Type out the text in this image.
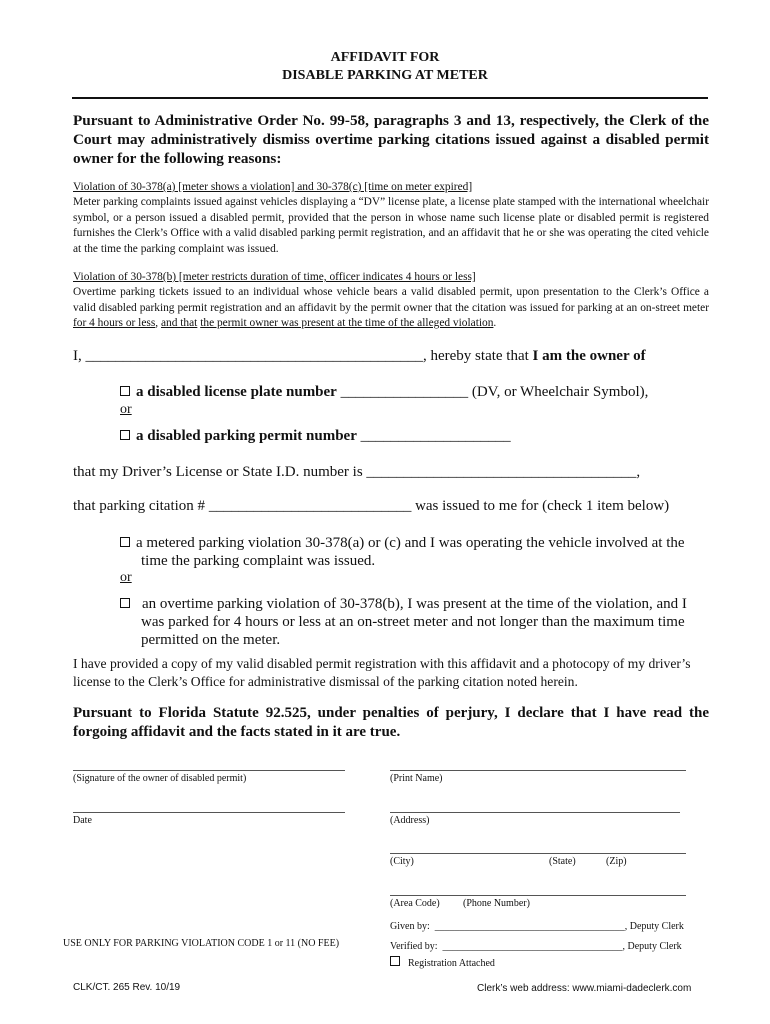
AFFIDAVIT FOR
DISABLE PARKING AT METER
Pursuant to Administrative Order No. 99-58, paragraphs 3 and 13, respectively, the Clerk of the Court may administratively dismiss overtime parking citations issued against a disabled permit owner for the following reasons:
Violation of 30-378(a) [meter shows a violation] and 30-378(c) [time on meter expired]
Meter parking complaints issued against vehicles displaying a “DV” license plate, a license plate stamped with the international wheelchair symbol, or a person issued a disabled permit, provided that the person in whose name such license plate or disabled permit is registered furnishes the Clerk’s Office with a valid disabled parking permit registration, and an affidavit that he or she was operating the cited vehicle at the time the parking complaint was issued.
Violation of 30-378(b) [meter restricts duration of time, officer indicates 4 hours or less]
Overtime parking tickets issued to an individual whose vehicle bears a valid disabled permit, upon presentation to the Clerk’s Office a valid disabled parking permit registration and an affidavit by the permit owner that the citation was issued for parking at an on-street meter for 4 hours or less, and that the permit owner was present at the time of the alleged violation.
I, _____________________________________________, hereby state that I am the owner of
a disabled license plate number _________________ (DV, or Wheelchair Symbol),
or
a disabled parking permit number ____________________
that my Driver’s License or State I.D. number is ____________________________________,
that parking citation # ___________________________ was issued to me for (check 1 item below)
a metered parking violation 30-378(a) or (c) and I was operating the vehicle involved at the
time the parking complaint was issued.
or
an overtime parking violation of 30-378(b), I was present at the time of the violation, and I
was parked for 4 hours or less at an on-street meter and not longer than the maximum time
permitted on the meter.
I have provided a copy of my valid disabled permit registration with this affidavit and a photocopy of my driver’s license to the Clerk’s Office for administrative dismissal of the parking citation noted herein.
Pursuant to Florida Statute 92.525, under penalties of perjury, I declare that I have read the forgoing affidavit and the facts stated in it are true.
(Signature of the owner of disabled permit)
Date
(Print Name)
(Address)
(City)	(State)	(Zip)
(Area Code) (Phone Number)
Given by: ______________________________________, Deputy Clerk
Verified by: ____________________________________, Deputy Clerk
Registration Attached
USE ONLY FOR PARKING VIOLATION CODE 1 or 11 (NO FEE)
CLK/CT. 265 Rev. 10/19	Clerk’s web address: www.miami-dadeclerk.com
